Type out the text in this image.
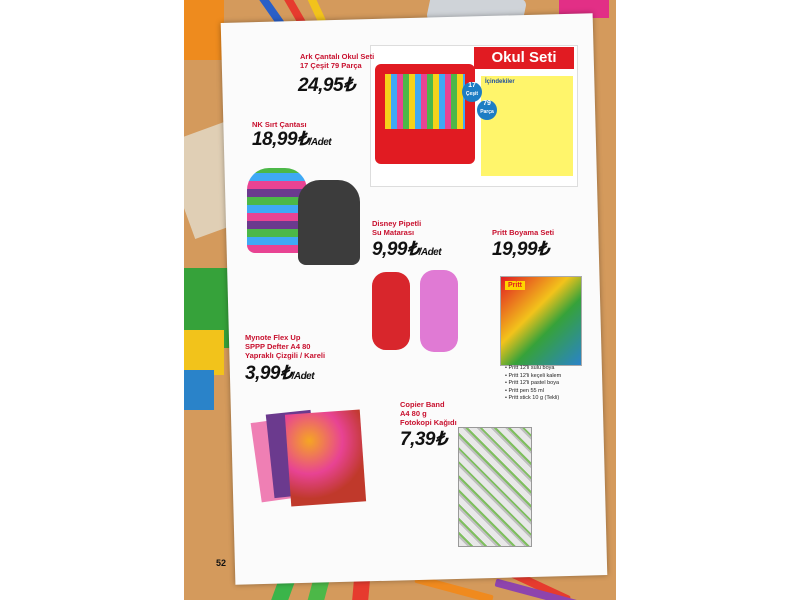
İçindekiler
Okul Seti
17
Çeşit
79
Parça
Ark Çantalı Okul Seti
17 Çeşit 79 Parça
24,95₺
NK Sırt Çantası
18,99₺/Adet
Disney Pipetli
Su Matarası
9,99₺/Adet
Pritt Boyama Seti
19,99₺
Pritt
• Pritt 12'li sulu boya
• Pritt 12'li keçeli kalem
• Pritt 12'li pastel boya
• Pritt pen 55 ml
• Pritt stick 10 g (Tekli)
Mynote Flex Up
SPPP Defter A4 80
Yapraklı Çizgili / Kareli
3,99₺/Adet
Copier Band
A4 80 g
Fotokopi Kağıdı
7,39₺
52
